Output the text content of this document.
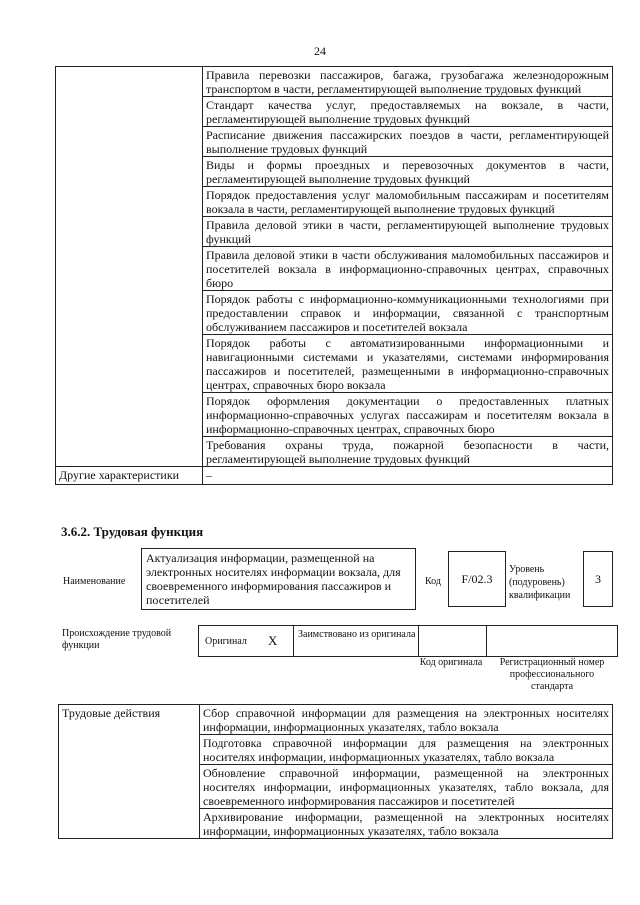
24
	Правила перевозки пассажиров, багажа, грузобагажа железнодорожным транспортом в части, регламентирующей выполнение трудовых функций
	Стандарт качества услуг, предоставляемых на вокзале, в части, регламентирующей выполнение трудовых функций
	Расписание движения пассажирских поездов в части, регламентирующей выполнение трудовых функций
	Виды и формы проездных и перевозочных документов в части, регламентирующей выполнение трудовых функций
	Порядок предоставления услуг маломобильным пассажирам и посетителям вокзала в части, регламентирующей выполнение трудовых функций
	Правила деловой этики в части, регламентирующей выполнение трудовых функций
	Правила деловой этики в части обслуживания маломобильных пассажиров и посетителей вокзала в информационно-справочных центрах, справочных бюро
	Порядок работы с информационно-коммуникационными технологиями при предоставлении справок и информации, связанной с транспортным обслуживанием пассажиров и посетителей вокзала
	Порядок работы с автоматизированными информационными и навигационными системами и указателями, системами информирования пассажиров и посетителей, размещенными в информационно-справочных центрах, справочных бюро вокзала
	Порядок оформления документации о предоставленных платных информационно-справочных услугах пассажирам и посетителям вокзала в информационно-справочных центрах, справочных бюро
	Требования охраны труда, пожарной безопасности в части, регламентирующей выполнение трудовых функций
Другие характеристики	–
3.6.2. Трудовая функция
Наименование
Актуализация информации, размещенной на электронных носителях информации вокзала, для своевременного информирования пассажиров и посетителей
Код F/02.3
Уровень (подуровень) квалификации
3
Происхождение трудовой функции	Оригинал X Заимствовано из оригинала
Код оригинала	Регистрационный номер профессионального стандарта
Трудовые действия	Сбор справочной информации для размещения на электронных носителях информации, информационных указателях, табло вокзала
Подготовка справочной информации для размещения на электронных носителях информации, информационных указателях, табло вокзала
Обновление справочной информации, размещенной на электронных носителях информации, информационных указателях, табло вокзала, для своевременного информирования пассажиров и посетителей
Архивирование информации, размещенной на электронных носителях информации, информационных указателях, табло вокзала
